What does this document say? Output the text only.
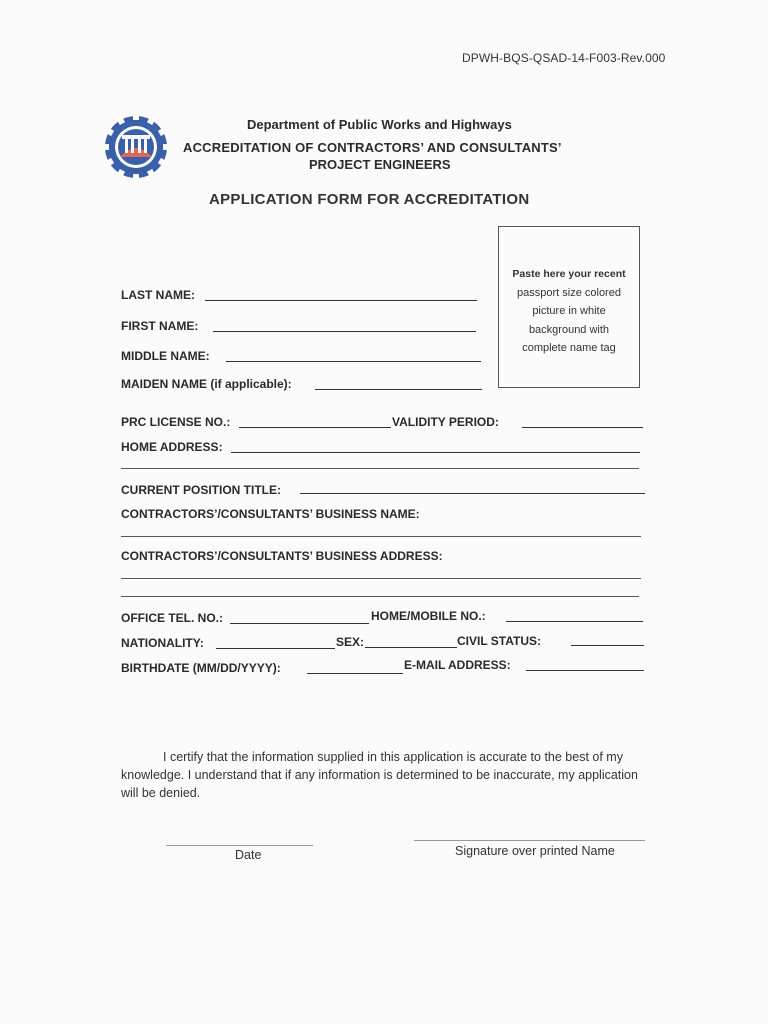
DPWH-BQS-QSAD-14-F003-Rev.000
Department of Public Works and Highways
ACCREDITATION OF CONTRACTORS’ AND CONSULTANTS’
PROJECT ENGINEERS
APPLICATION FORM FOR ACCREDITATION
Paste here your recent
passport size colored
picture in white
background with
complete name tag
LAST NAME:
FIRST NAME:
MIDDLE NAME:
MAIDEN NAME (if applicable):
PRC LICENSE NO.:	VALIDITY PERIOD:
HOME ADDRESS:
CURRENT POSITION TITLE:
CONTRACTORS’/CONSULTANTS’ BUSINESS NAME:
CONTRACTORS’/CONSULTANTS’ BUSINESS ADDRESS:
OFFICE TEL. NO.:	HOME/MOBILE NO.:
NATIONALITY:	SEX:	CIVIL STATUS:
BIRTHDATE (MM/DD/YYYY):	E-MAIL ADDRESS:
I certify that the information supplied in this application is accurate to the best of my knowledge. I understand that if any information is determined to be inaccurate, my application will be denied.
Date	Signature over printed Name
